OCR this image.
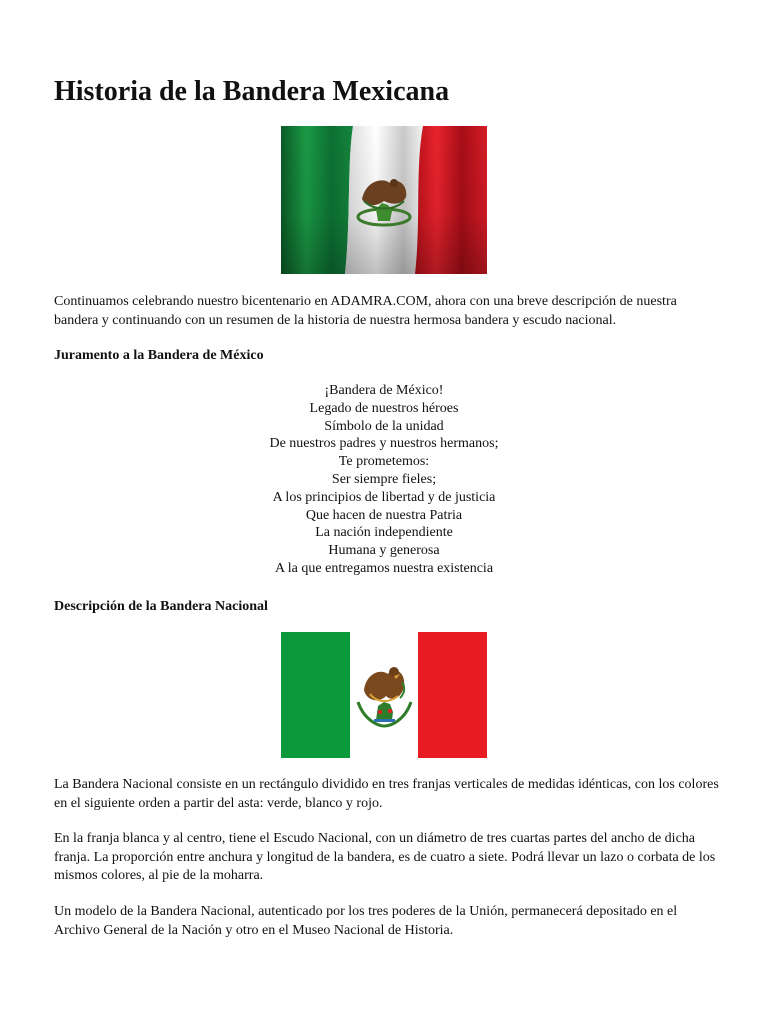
Historia de la Bandera Mexicana

Continuamos celebrando nuestro bicentenario en ADAMRA.COM, ahora con una breve descripción de nuestra bandera y continuando con un resumen de la historia de nuestra hermosa bandera y escudo nacional.

Juramento a la Bandera de México

¡Bandera de México!
Legado de nuestros héroes
Símbolo de la unidad
De nuestros padres y nuestros hermanos;
Te prometemos:
Ser siempre fieles;
A los principios de libertad y de justicia
Que hacen de nuestra Patria
La nación independiente
Humana y generosa
A la que entregamos nuestra existencia

Descripción de la Bandera Nacional

La Bandera Nacional consiste en un rectángulo dividido en tres franjas verticales de medidas idénticas, con los colores en el siguiente orden a partir del asta: verde, blanco y rojo.

En la franja blanca y al centro, tiene el Escudo Nacional, con un diámetro de tres cuartas partes del ancho de dicha franja. La proporción entre anchura y longitud de la bandera, es de cuatro a siete. Podrá llevar un lazo o corbata de los mismos colores, al pie de la moharra.

Un modelo de la Bandera Nacional, autenticado por los tres poderes de la Unión, permanecerá depositado en el Archivo General de la Nación y otro en el Museo Nacional de Historia.
